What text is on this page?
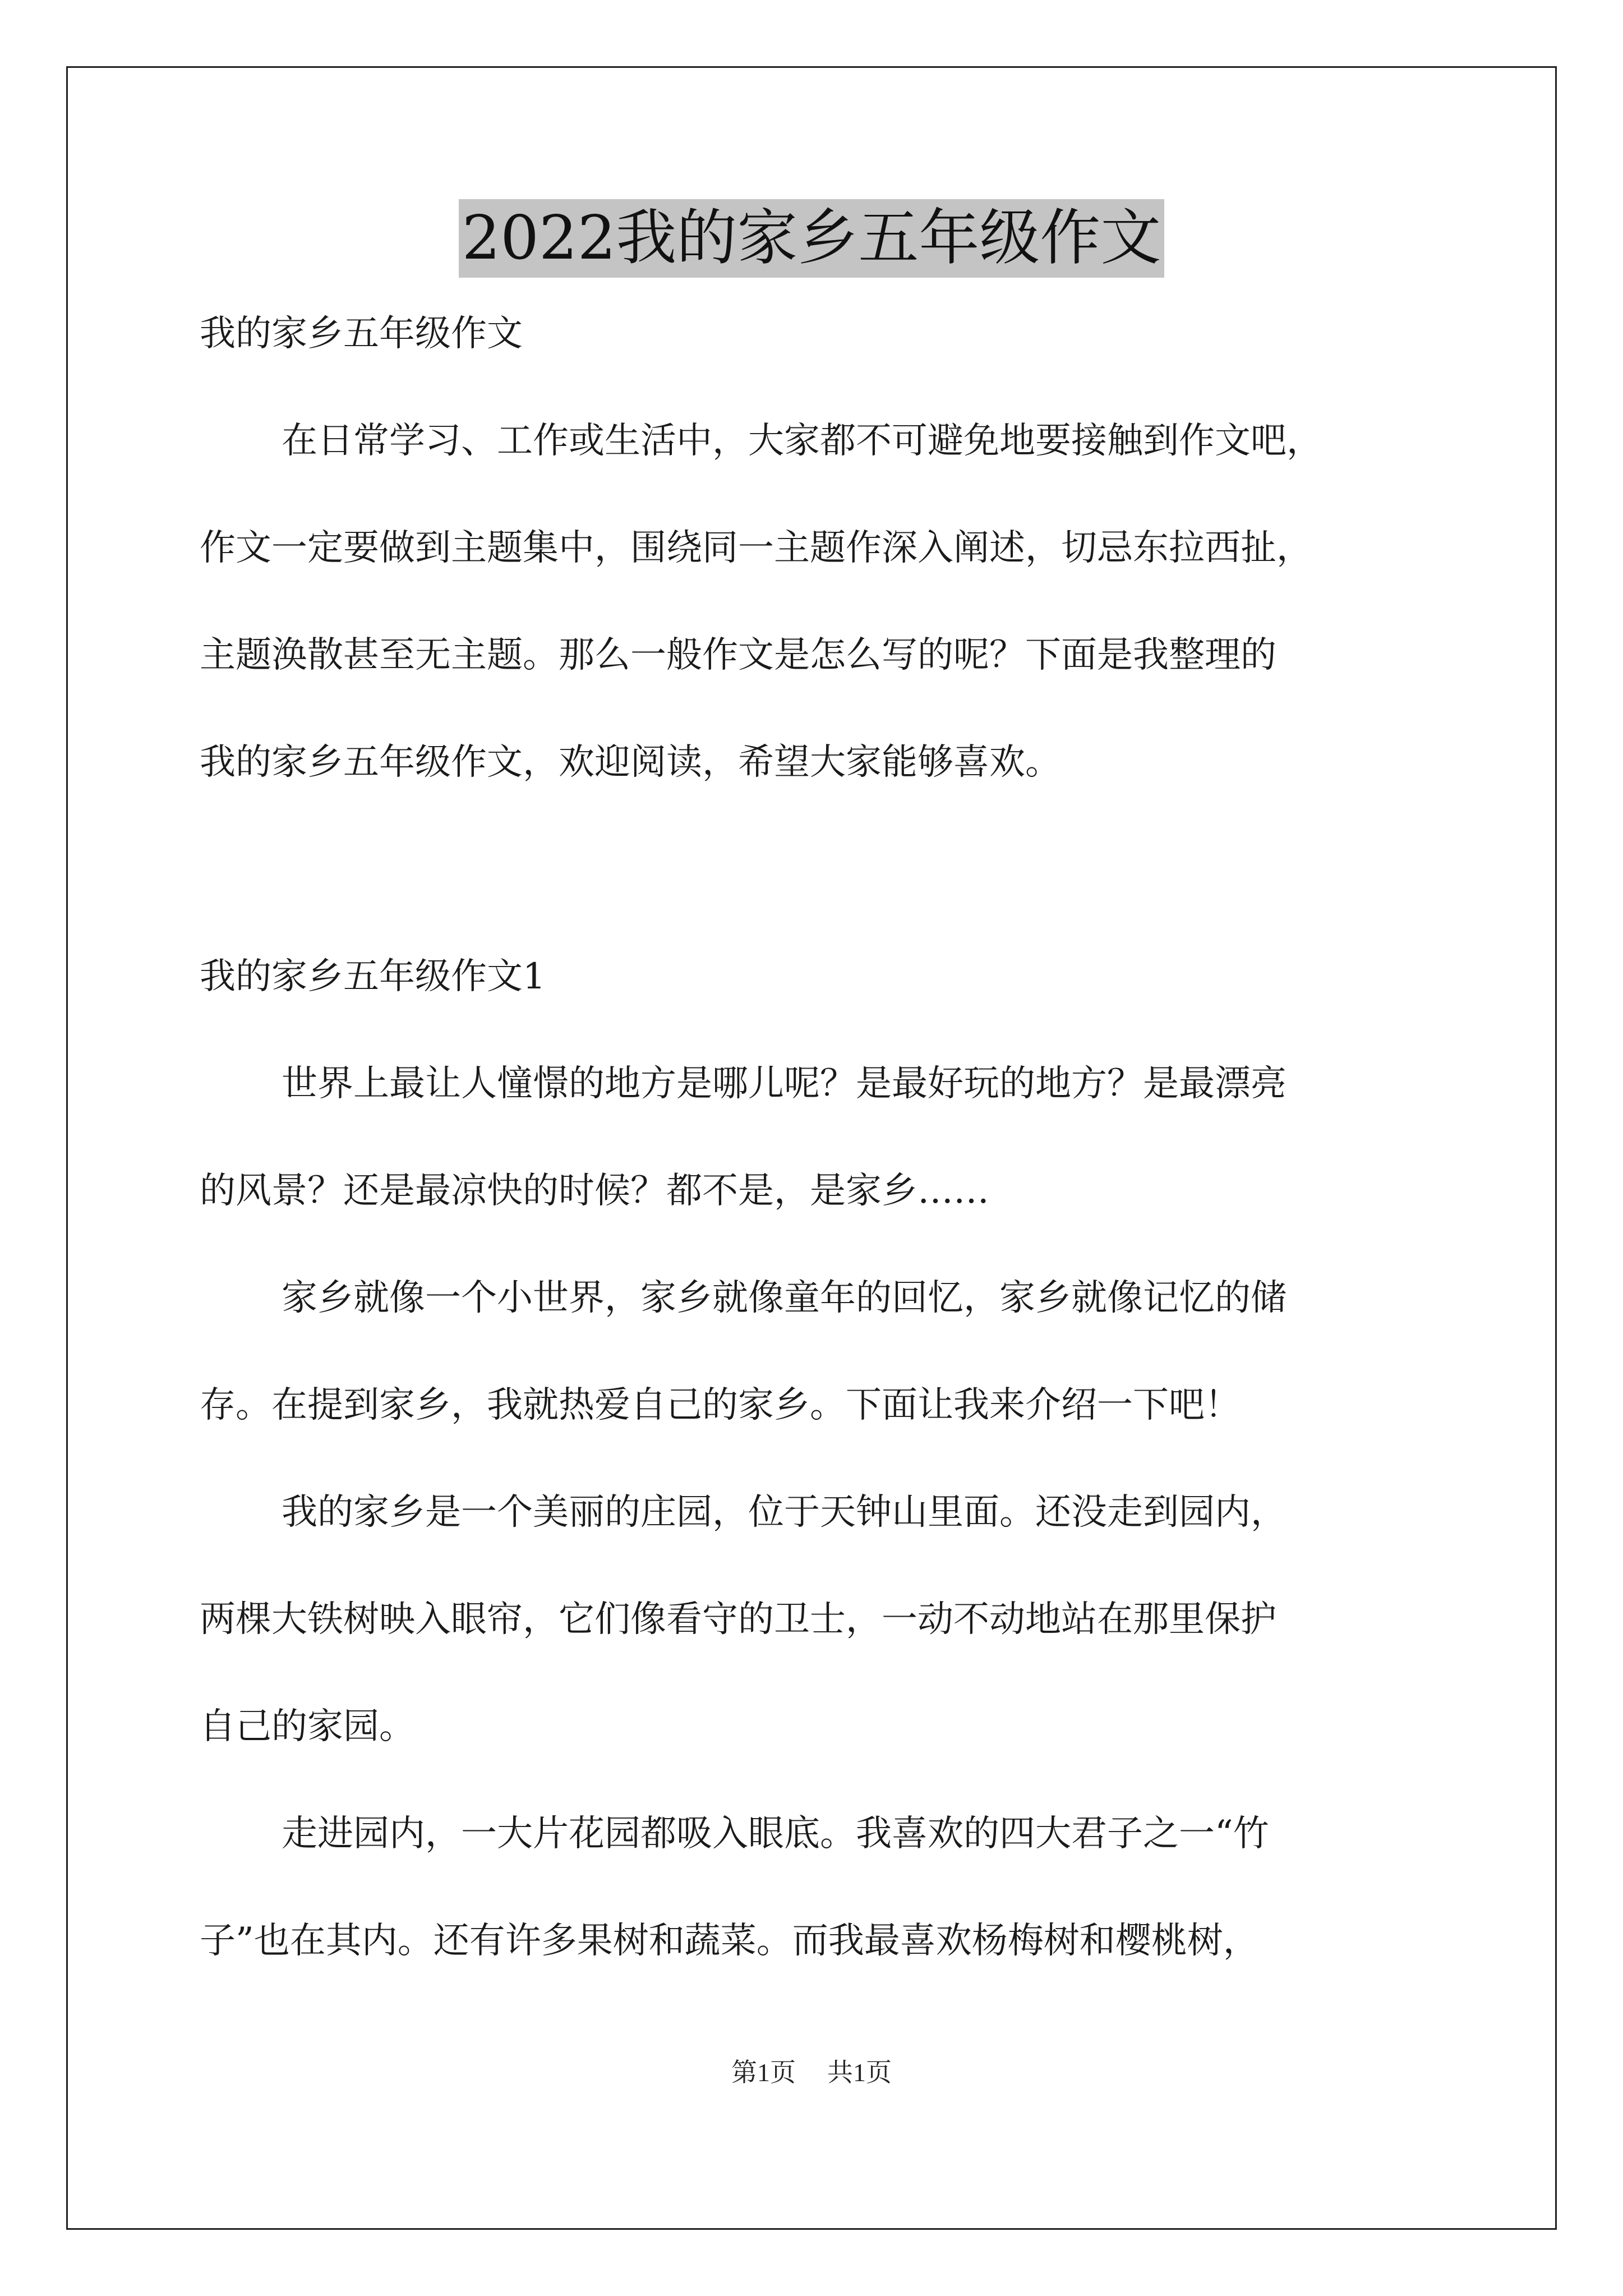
2022我的家乡五年级作文
我的家乡五年级作文
在日常学习、工作或生活中，大家都不可避免地要接触到作文吧，
作文一定要做到主题集中，围绕同一主题作深入阐述，切忌东拉西扯，
主题涣散甚至无主题。那么一般作文是怎么写的呢？下面是我整理的
我的家乡五年级作文，欢迎阅读，希望大家能够喜欢。
我的家乡五年级作文1
世界上最让人憧憬的地方是哪儿呢？是最好玩的地方？是最漂亮
的风景？还是最凉快的时候？都不是，是家乡……
家乡就像一个小世界，家乡就像童年的回忆，家乡就像记忆的储
存。在提到家乡，我就热爱自己的家乡。下面让我来介绍一下吧！
我的家乡是一个美丽的庄园，位于天钟山里面。还没走到园内，
两棵大铁树映入眼帘，它们像看守的卫士，一动不动地站在那里保护
自己的家园。
走进园内，一大片花园都吸入眼底。我喜欢的四大君子之一“竹
子”也在其内。还有许多果树和蔬菜。而我最喜欢杨梅树和樱桃树，
第1页 共1页
